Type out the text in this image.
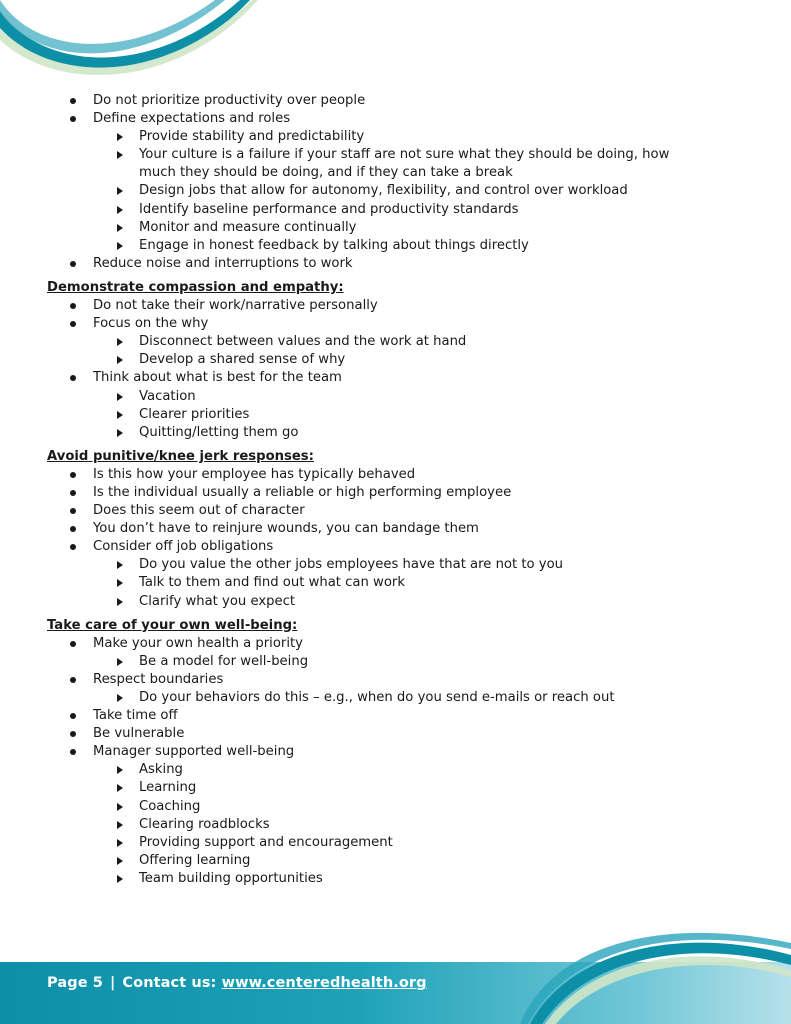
Do not prioritize productivity over people
Define expectations and roles
Provide stability and predictability
Your culture is a failure if your staff are not sure what they should be doing, how much they should be doing, and if they can take a break
Design jobs that allow for autonomy, flexibility, and control over workload
Identify baseline performance and productivity standards
Monitor and measure continually
Engage in honest feedback by talking about things directly
Reduce noise and interruptions to work
Demonstrate compassion and empathy:
Do not take their work/narrative personally
Focus on the why
Disconnect between values and the work at hand
Develop a shared sense of why
Think about what is best for the team
Vacation
Clearer priorities
Quitting/letting them go
Avoid punitive/knee jerk responses:
Is this how your employee has typically behaved
Is the individual usually a reliable or high performing employee
Does this seem out of character
You don’t have to reinjure wounds, you can bandage them
Consider off job obligations
Do you value the other jobs employees have that are not to you
Talk to them and find out what can work
Clarify what you expect
Take care of your own well-being:
Make your own health a priority
Be a model for well-being
Respect boundaries
Do your behaviors do this – e.g., when do you send e-mails or reach out
Take time off
Be vulnerable
Manager supported well-being
Asking
Learning
Coaching
Clearing roadblocks
Providing support and encouragement
Offering learning
Team building opportunities
Page 5 | Contact us: www.centeredhealth.org
